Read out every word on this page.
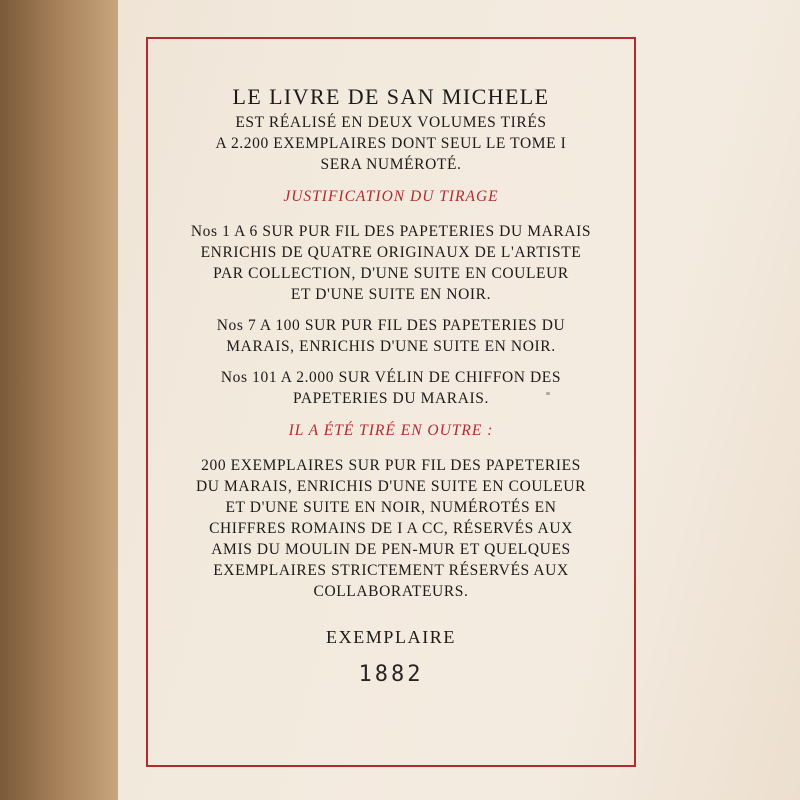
LE LIVRE DE SAN MICHELE
EST RÉALISÉ EN DEUX VOLUMES TIRÉS
A 2.200 EXEMPLAIRES DONT SEUL LE TOME I
SERA NUMÉROTÉ.
JUSTIFICATION DU TIRAGE
Nos 1 A 6 SUR PUR FIL DES PAPETERIES DU MARAIS
ENRICHIS DE QUATRE ORIGINAUX DE L'ARTISTE
PAR COLLECTION, D'UNE SUITE EN COULEUR
ET D'UNE SUITE EN NOIR.
Nos 7 A 100 SUR PUR FIL DES PAPETERIES DU
MARAIS, ENRICHIS D'UNE SUITE EN NOIR.
Nos 101 A 2.000 SUR VÉLIN DE CHIFFON DES
PAPETERIES DU MARAIS.
IL A ÉTÉ TIRÉ EN OUTRE :
200 EXEMPLAIRES SUR PUR FIL DES PAPETERIES
DU MARAIS, ENRICHIS D'UNE SUITE EN COULEUR
ET D'UNE SUITE EN NOIR, NUMÉROTÉS EN
CHIFFRES ROMAINS DE I A CC, RÉSERVÉS AUX
AMIS DU MOULIN DE PEN-MUR ET QUELQUES
EXEMPLAIRES STRICTEMENT RÉSERVÉS AUX
COLLABORATEURS.
EXEMPLAIRE
1882
